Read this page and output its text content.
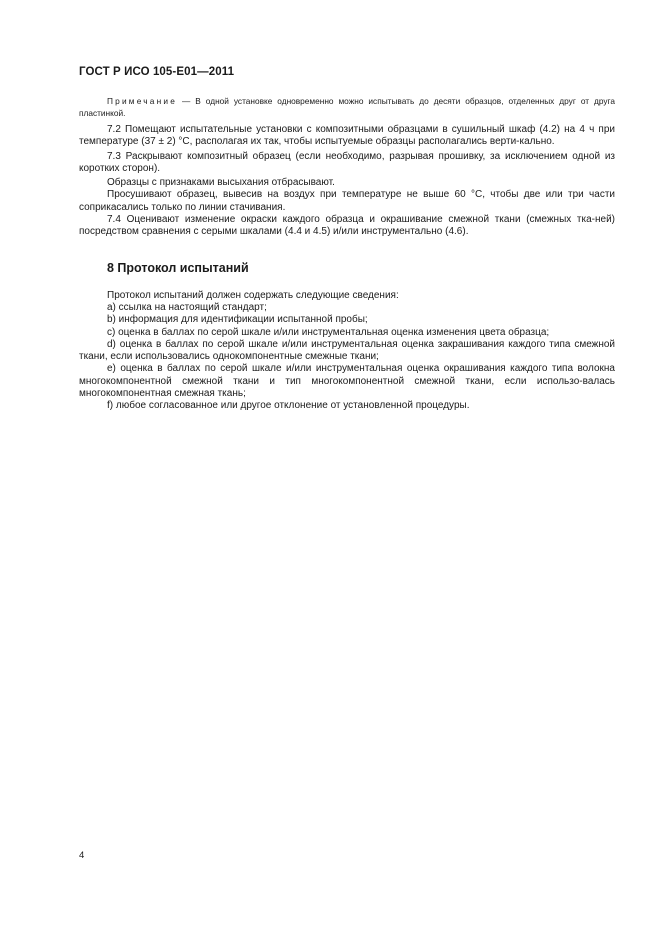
ГОСТ Р ИСО 105-E01—2011

Примечание — В одной установке одновременно можно испытывать до десяти образцов, отделенных друг от друга пластинкой.

7.2 Помещают испытательные установки с композитными образцами в сушильный шкаф (4.2) на 4 ч при температуре (37 ± 2) °С, располагая их так, чтобы испытуемые образцы располагались верти-кально.

7.3 Раскрывают композитный образец (если необходимо, разрывая прошивку, за исключением одной из коротких сторон).

Образцы с признаками высыхания отбрасывают.

Просушивают образец, вывесив на воздух при температуре не выше 60 °С, чтобы две или три части соприкасались только по линии стачивания.

7.4 Оценивают изменение окраски каждого образца и окрашивание смежной ткани (смежных тка-ней) посредством сравнения с серыми шкалами (4.4 и 4.5) и/или инструментально (4.6).

8 Протокол испытаний

Протокол испытаний должен содержать следующие сведения:

a) ссылка на настоящий стандарт;

b) информация для идентификации испытанной пробы;

c) оценка в баллах по серой шкале и/или инструментальная оценка изменения цвета образца;

d) оценка в баллах по серой шкале и/или инструментальная оценка закрашивания каждого типа смежной ткани, если использовались однокомпонентные смежные ткани;

e) оценка в баллах по серой шкале и/или инструментальная оценка окрашивания каждого типа волокна многокомпонентной смежной ткани и тип многокомпонентной смежной ткани, если использо-валась многокомпонентная смежная ткань;

f) любое согласованное или другое отклонение от установленной процедуры.

4
